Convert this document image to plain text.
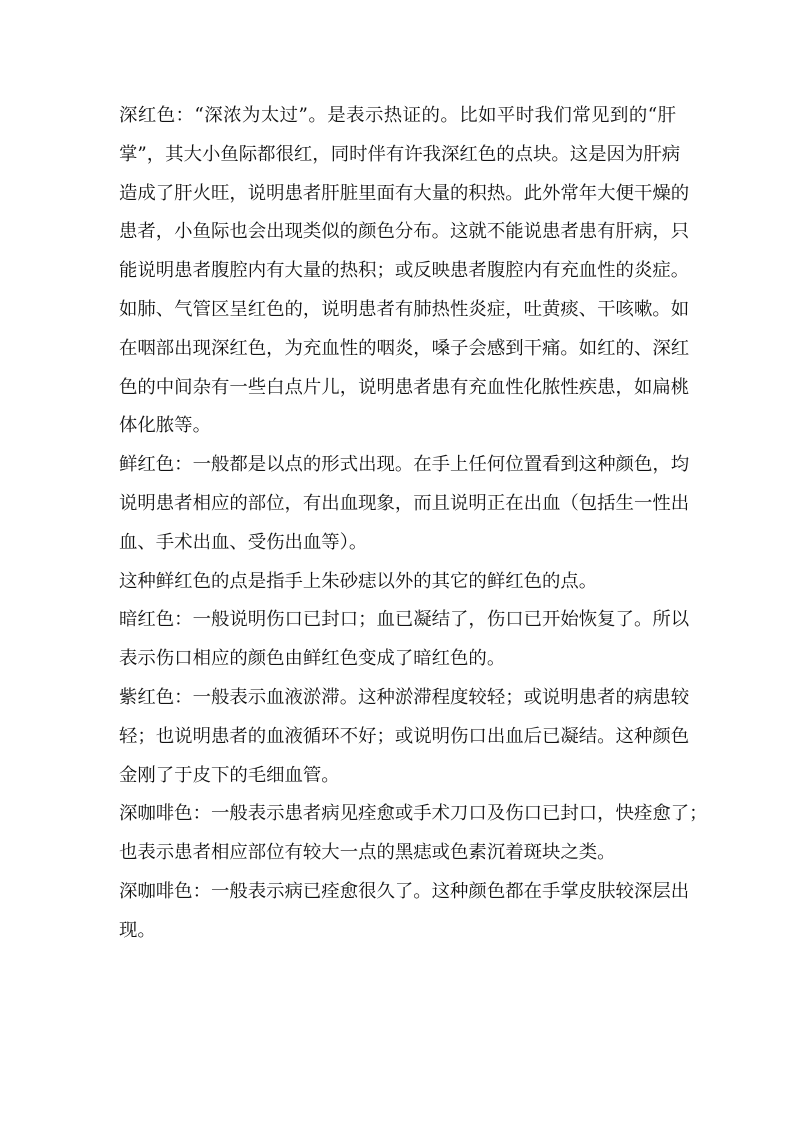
深红色：“深浓为太过”。是表示热证的。比如平时我们常见到的“肝
掌”，其大小鱼际都很红，同时伴有许我深红色的点块。这是因为肝病
造成了肝火旺，说明患者肝脏里面有大量的积热。此外常年大便干燥的
患者，小鱼际也会出现类似的颜色分布。这就不能说患者患有肝病，只
能说明患者腹腔内有大量的热积；或反映患者腹腔内有充血性的炎症。
如肺、气管区呈红色的，说明患者有肺热性炎症，吐黄痰、干咳嗽。如
在咽部出现深红色，为充血性的咽炎，嗓子会感到干痛。如红的、深红
色的中间杂有一些白点片儿，说明患者患有充血性化脓性疾患，如扁桃
体化脓等。
鲜红色：一般都是以点的形式出现。在手上任何位置看到这种颜色，均
说明患者相应的部位，有出血现象，而且说明正在出血（包括生一性出
血、手术出血、受伤出血等）。
这种鲜红色的点是指手上朱砂痣以外的其它的鲜红色的点。
暗红色：一般说明伤口已封口；血已凝结了，伤口已开始恢复了。所以
表示伤口相应的颜色由鲜红色变成了暗红色的。
紫红色：一般表示血液淤滞。这种淤滞程度较轻；或说明患者的病患较
轻；也说明患者的血液循环不好；或说明伤口出血后已凝结。这种颜色
金刚了于皮下的毛细血管。
深咖啡色：一般表示患者病见痊愈或手术刀口及伤口已封口，快痊愈了；
也表示患者相应部位有较大一点的黑痣或色素沉着斑块之类。
深咖啡色：一般表示病已痊愈很久了。这种颜色都在手掌皮肤较深层出
现。
